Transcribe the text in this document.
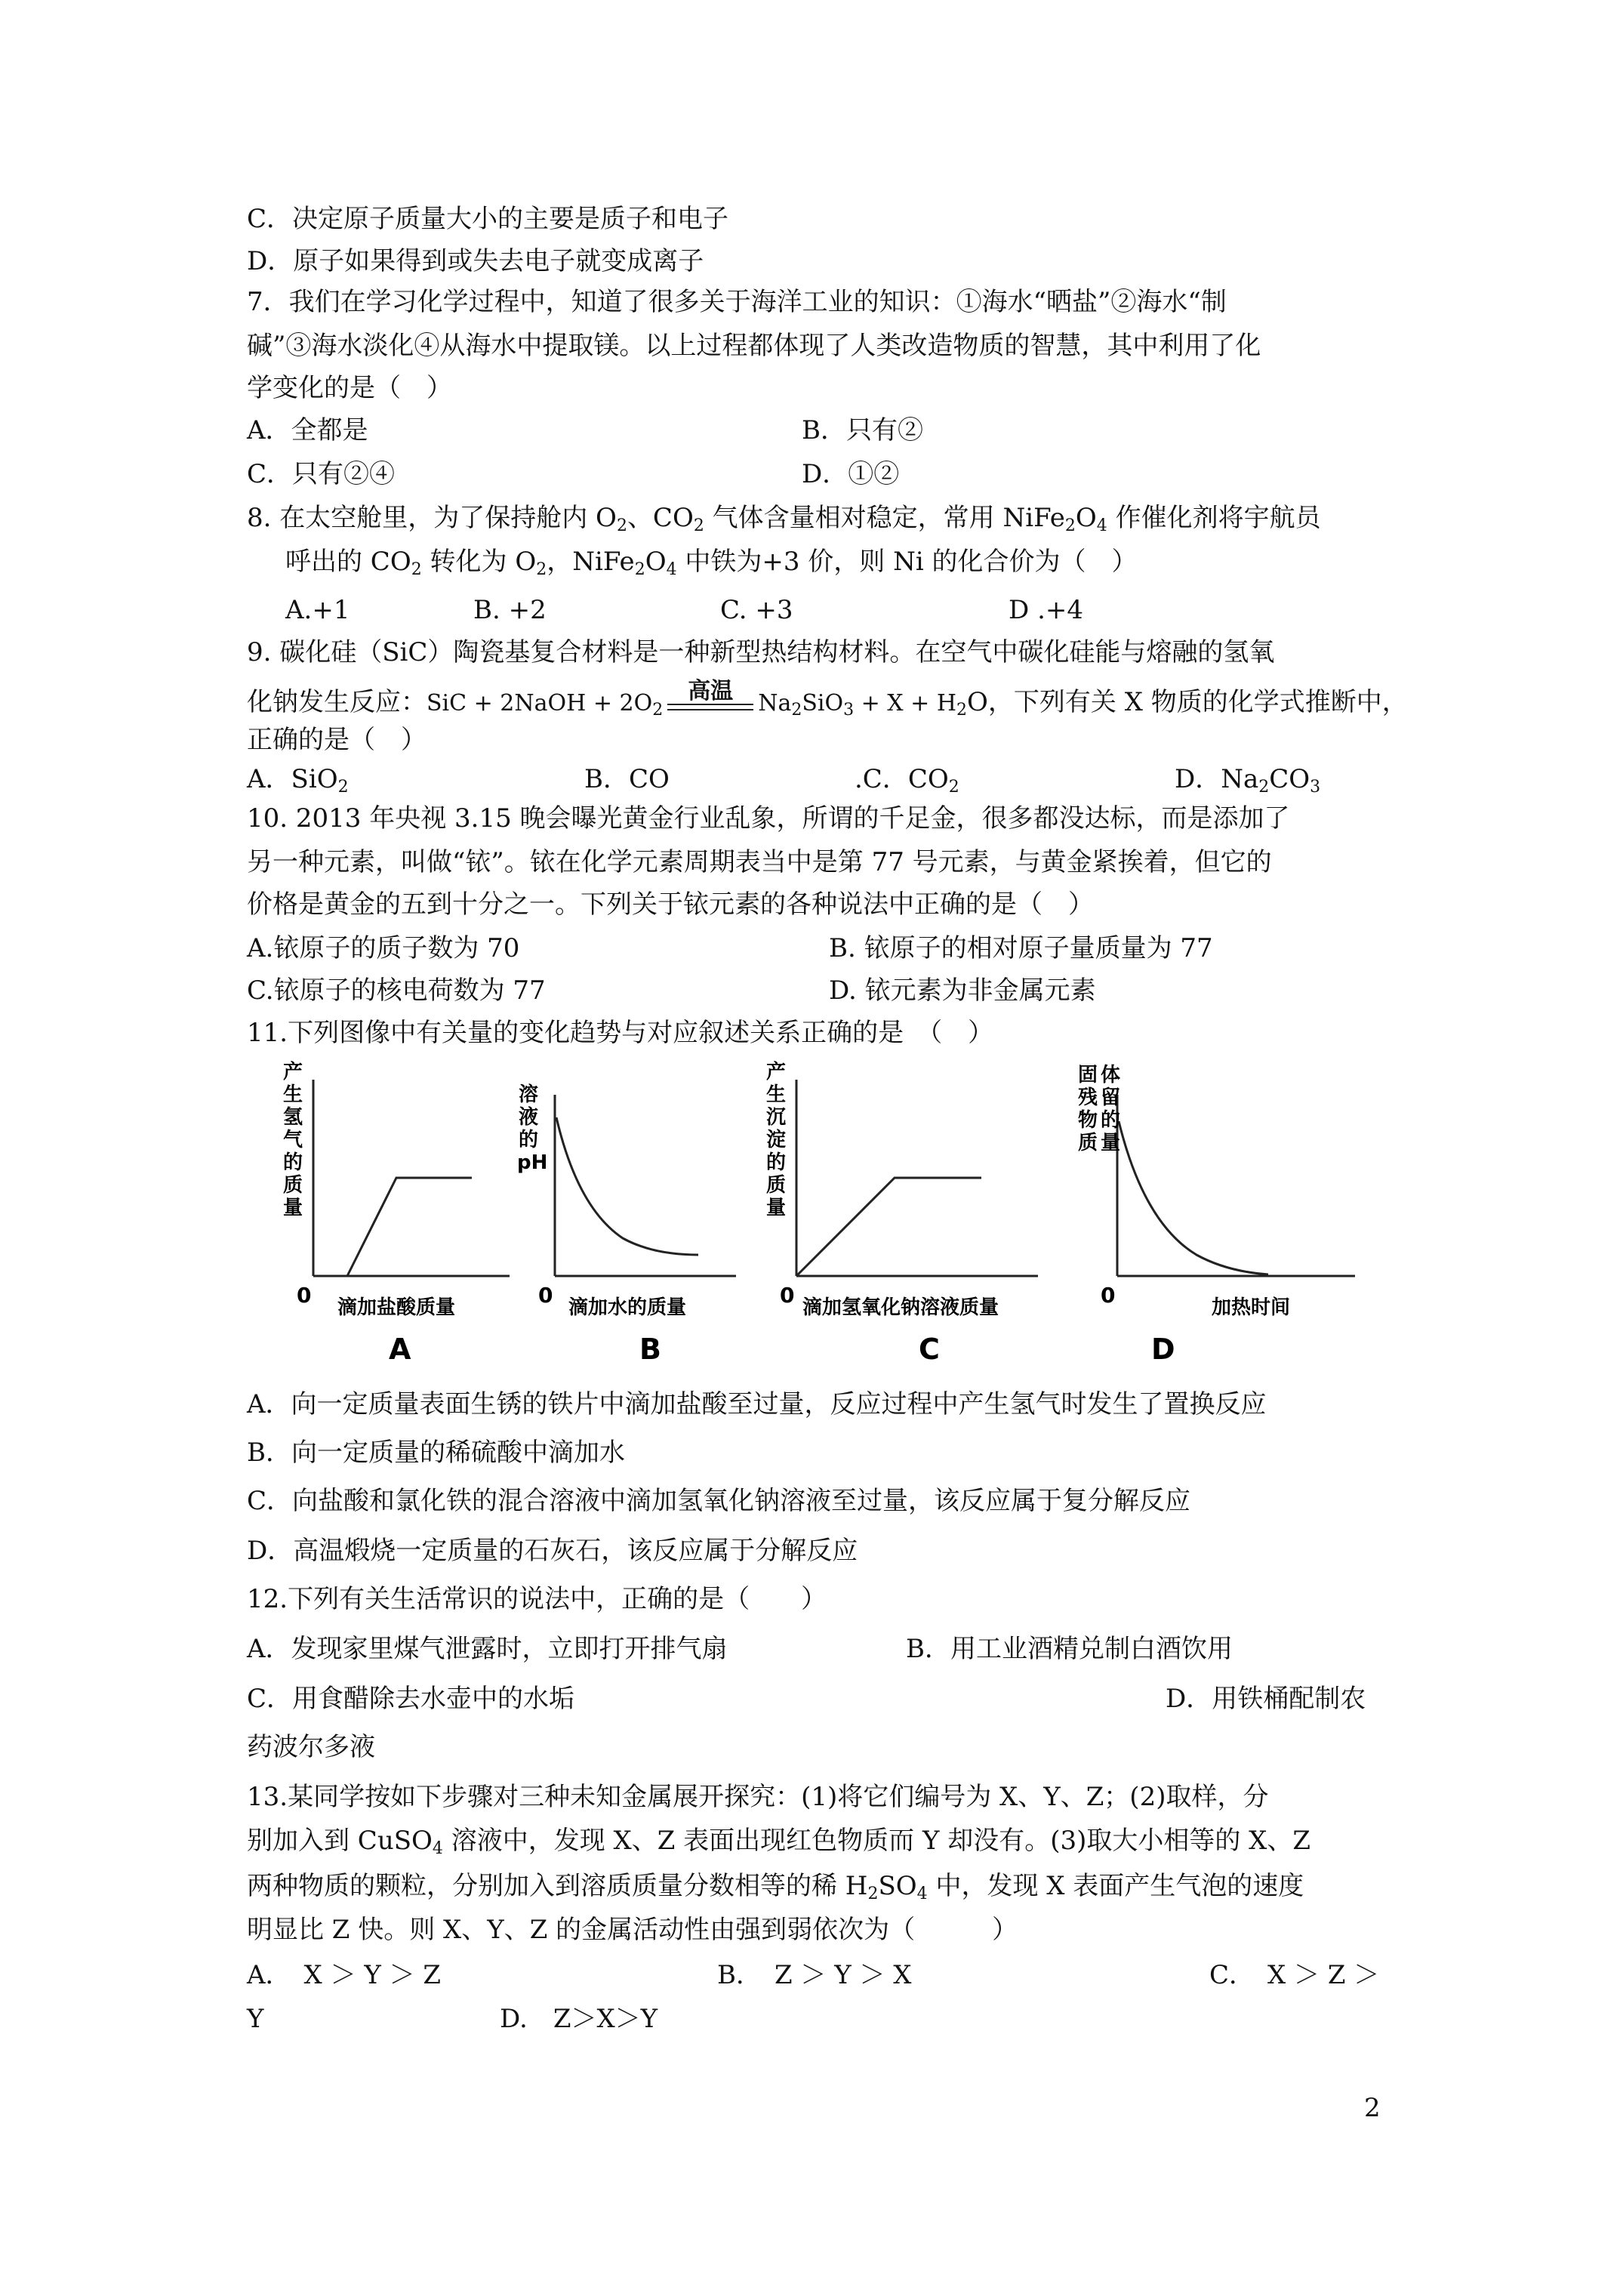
C．决定原子质量大小的主要是质子和电子
D．原子如果得到或失去电子就变成离子
7．我们在学习化学过程中，知道了很多关于海洋工业的知识：①海水“晒盐”②海水“制
碱”③海水淡化④从海水中提取镁。以上过程都体现了人类改造物质的智慧，其中利用了化
学变化的是（　）
A．全都是	B．只有②
C．只有②④	D．①②
8. 在太空舱里，为了保持舱内 $O_2$、$CO_2$ 气体含量相对稳定，常用 $NiFe_2O_4$ 作催化剂将宇航员
呼出的 $CO_2$ 转化为 $O_2$，$NiFe_2O_4$ 中铁为+3 价，则 Ni 的化合价为（　）
A.+1	B. +2	C. +3	D .+4
9. 碳化硅（SiC）陶瓷基复合材料是一种新型热结构材料。在空气中碳化硅能与熔融的氢氧
化钠发生反应：SiC + 2NaOH + $2O_2$
高温	$Na_2SiO_3 + X + H_2O$，下列有关 X 物质的化学式推断中，
正确的是（　）
A．SiO$_2$	B．CO	.C．$CO_2$	D．$Na_2CO_3$
10. 2013 年央视 3.15 晚会曝光黄金行业乱象，所谓的千足金，很多都没达标，而是添加了
另一种元素，叫做“铱”。铱在化学元素周期表当中是第 77 号元素，与黄金紧挨着，但它的
价格是黄金的五到十分之一。下列关于铱元素的各种说法中正确的是（　）
A.铱原子的质子数为 70	B. 铱原子的相对原子量质量为 77
C.铱原子的核电荷数为 77	D. 铱元素为非金属元素
11.下列图像中有关量的变化趋势与对应叙述关系正确的是　（　）
0 滴加盐酸质量
A
产生氢气的质量
0 滴加水的质量
B
溶液的 pH
0 滴加氢氧化钠溶液质量
C
产生沉淀的质量
0	加热时间
D
固残物质 体留的量
A．向一定质量表面生锈的铁片中滴加盐酸至过量，反应过程中产生氢气时发生了置换反应
B．向一定质量的稀硫酸中滴加水
C．向盐酸和氯化铁的混合溶液中滴加氢氧化钠溶液至过量，该反应属于复分解反应
D．高温煅烧一定质量的石灰石，该反应属于分解反应
12.下列有关生活常识的说法中，正确的是（　　）
A．发现家里煤气泄露时，立即打开排气扇	B．用工业酒精兑制白酒饮用
C．用食醋除去水壶中的水垢	D．用铁桶配制农
药波尔多液
13.某同学按如下步骤对三种未知金属展开探究：(1)将它们编号为 X、Y、Z；(2)取样，分
别加入到 CuSO$_4$ 溶液中，发现 X、Z 表面出现红色物质而 Y 却没有。(3)取大小相等的 X、Z
两种物质的颗粒，分别加入到溶质质量分数相等的稀 $H_2SO_4$ 中，发现 X 表面产生气泡的速度
明显比 Z 快。则 X、Y、Z 的金属活动性由强到弱依次为（　　　）
A．　X ＞ Y ＞ Z	B．　Z ＞ Y ＞ X	C．　X ＞ Z ＞
Y	D.　Z＞X＞Y
2
